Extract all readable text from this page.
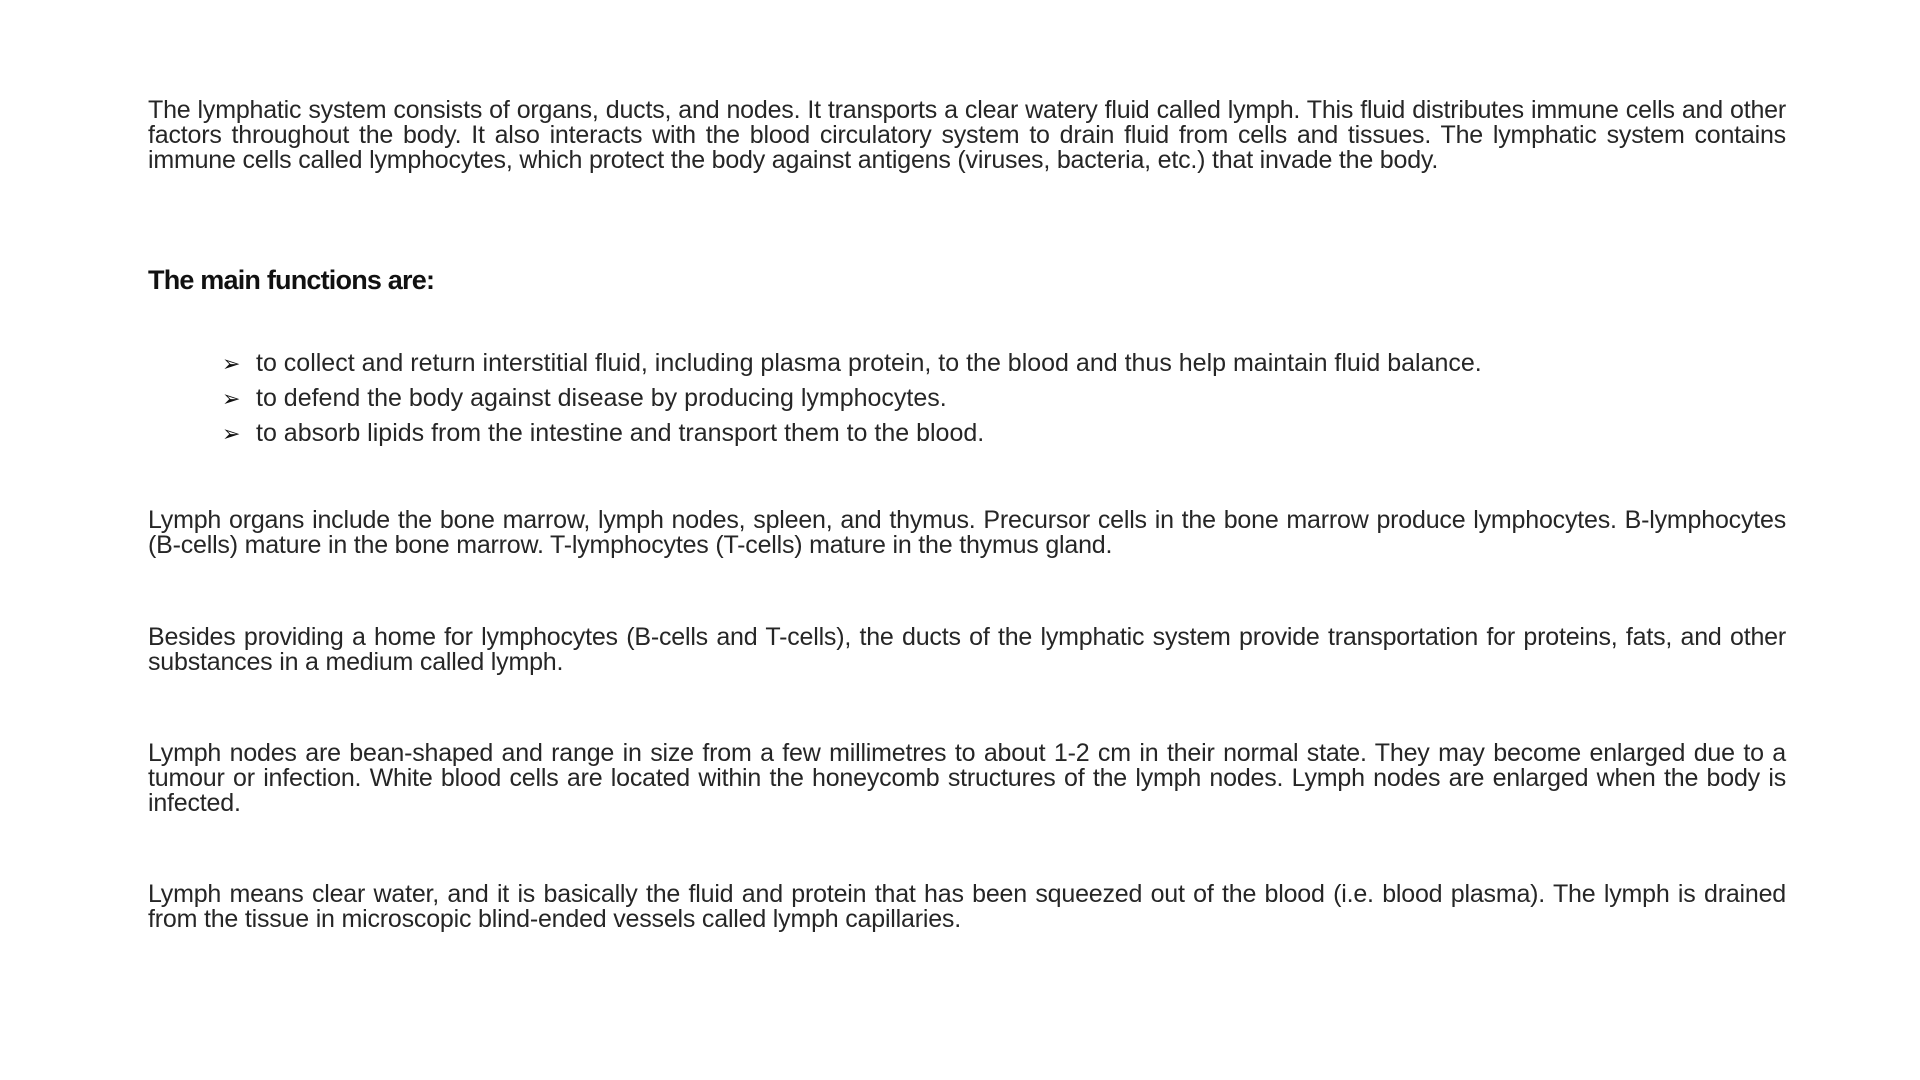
The lymphatic system consists of organs, ducts, and nodes. It transports a clear watery fluid called lymph. This fluid distributes immune cells and other factors throughout the body. It also interacts with the blood circulatory system to drain fluid from cells and tissues. The lymphatic system contains immune cells called lymphocytes, which protect the body against antigens (viruses, bacteria, etc.) that invade the body.

The main functions are:
➢ to collect and return interstitial fluid, including plasma protein, to the blood and thus help maintain fluid balance.
➢ to defend the body against disease by producing lymphocytes.
➢ to absorb lipids from the intestine and transport them to the blood.

Lymph organs include the bone marrow, lymph nodes, spleen, and thymus. Precursor cells in the bone marrow produce lymphocytes. B-lymphocytes (B-cells) mature in the bone marrow. T-lymphocytes (T-cells) mature in the thymus gland.

Besides providing a home for lymphocytes (B-cells and T-cells), the ducts of the lymphatic system provide transportation for proteins, fats, and other substances in a medium called lymph.

Lymph nodes are bean-shaped and range in size from a few millimetres to about 1-2 cm in their normal state. They may become enlarged due to a tumour or infection. White blood cells are located within the honeycomb structures of the lymph nodes. Lymph nodes are enlarged when the body is infected.

Lymph means clear water, and it is basically the fluid and protein that has been squeezed out of the blood (i.e. blood plasma). The lymph is drained from the tissue in microscopic blind-ended vessels called lymph capillaries.
